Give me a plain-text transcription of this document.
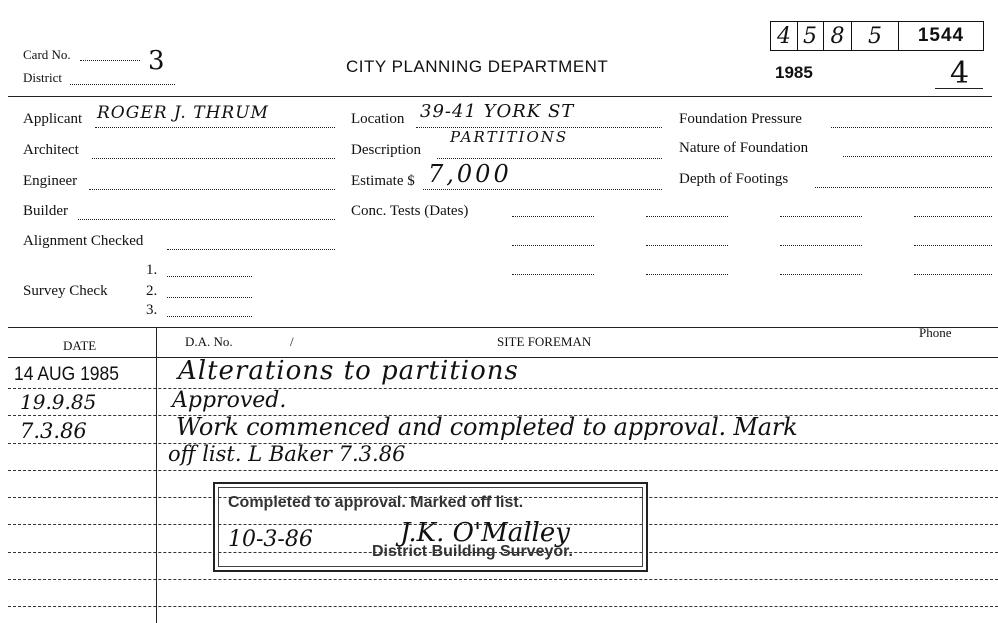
Card No.	3
District
CITY PLANNING DEPARTMENT
4 5 8 5 1544
1985	4
Applicant ROGER J. THRUM
Architect
Engineer
Builder
Alignment Checked
1.
Survey Check	2.
3.
Location 39-41 YORK ST
Description
PARTITIONS
Estimate $ 7,000
Conc. Tests (Dates)
Foundation Pressure
Nature of Foundation
Depth of Footings
DATE	D.A. No.	/	SITE FOREMAN
Phone
14 AUG 1985 Alterations to partitions
19.9.85	Approved.
7.3.86	Work commenced and completed to approval. Mark
off list. L Baker 7.3.86
Completed to approval. Marked off list.
10-3-86	J.K. O'Malley
District Building Surveyor.
